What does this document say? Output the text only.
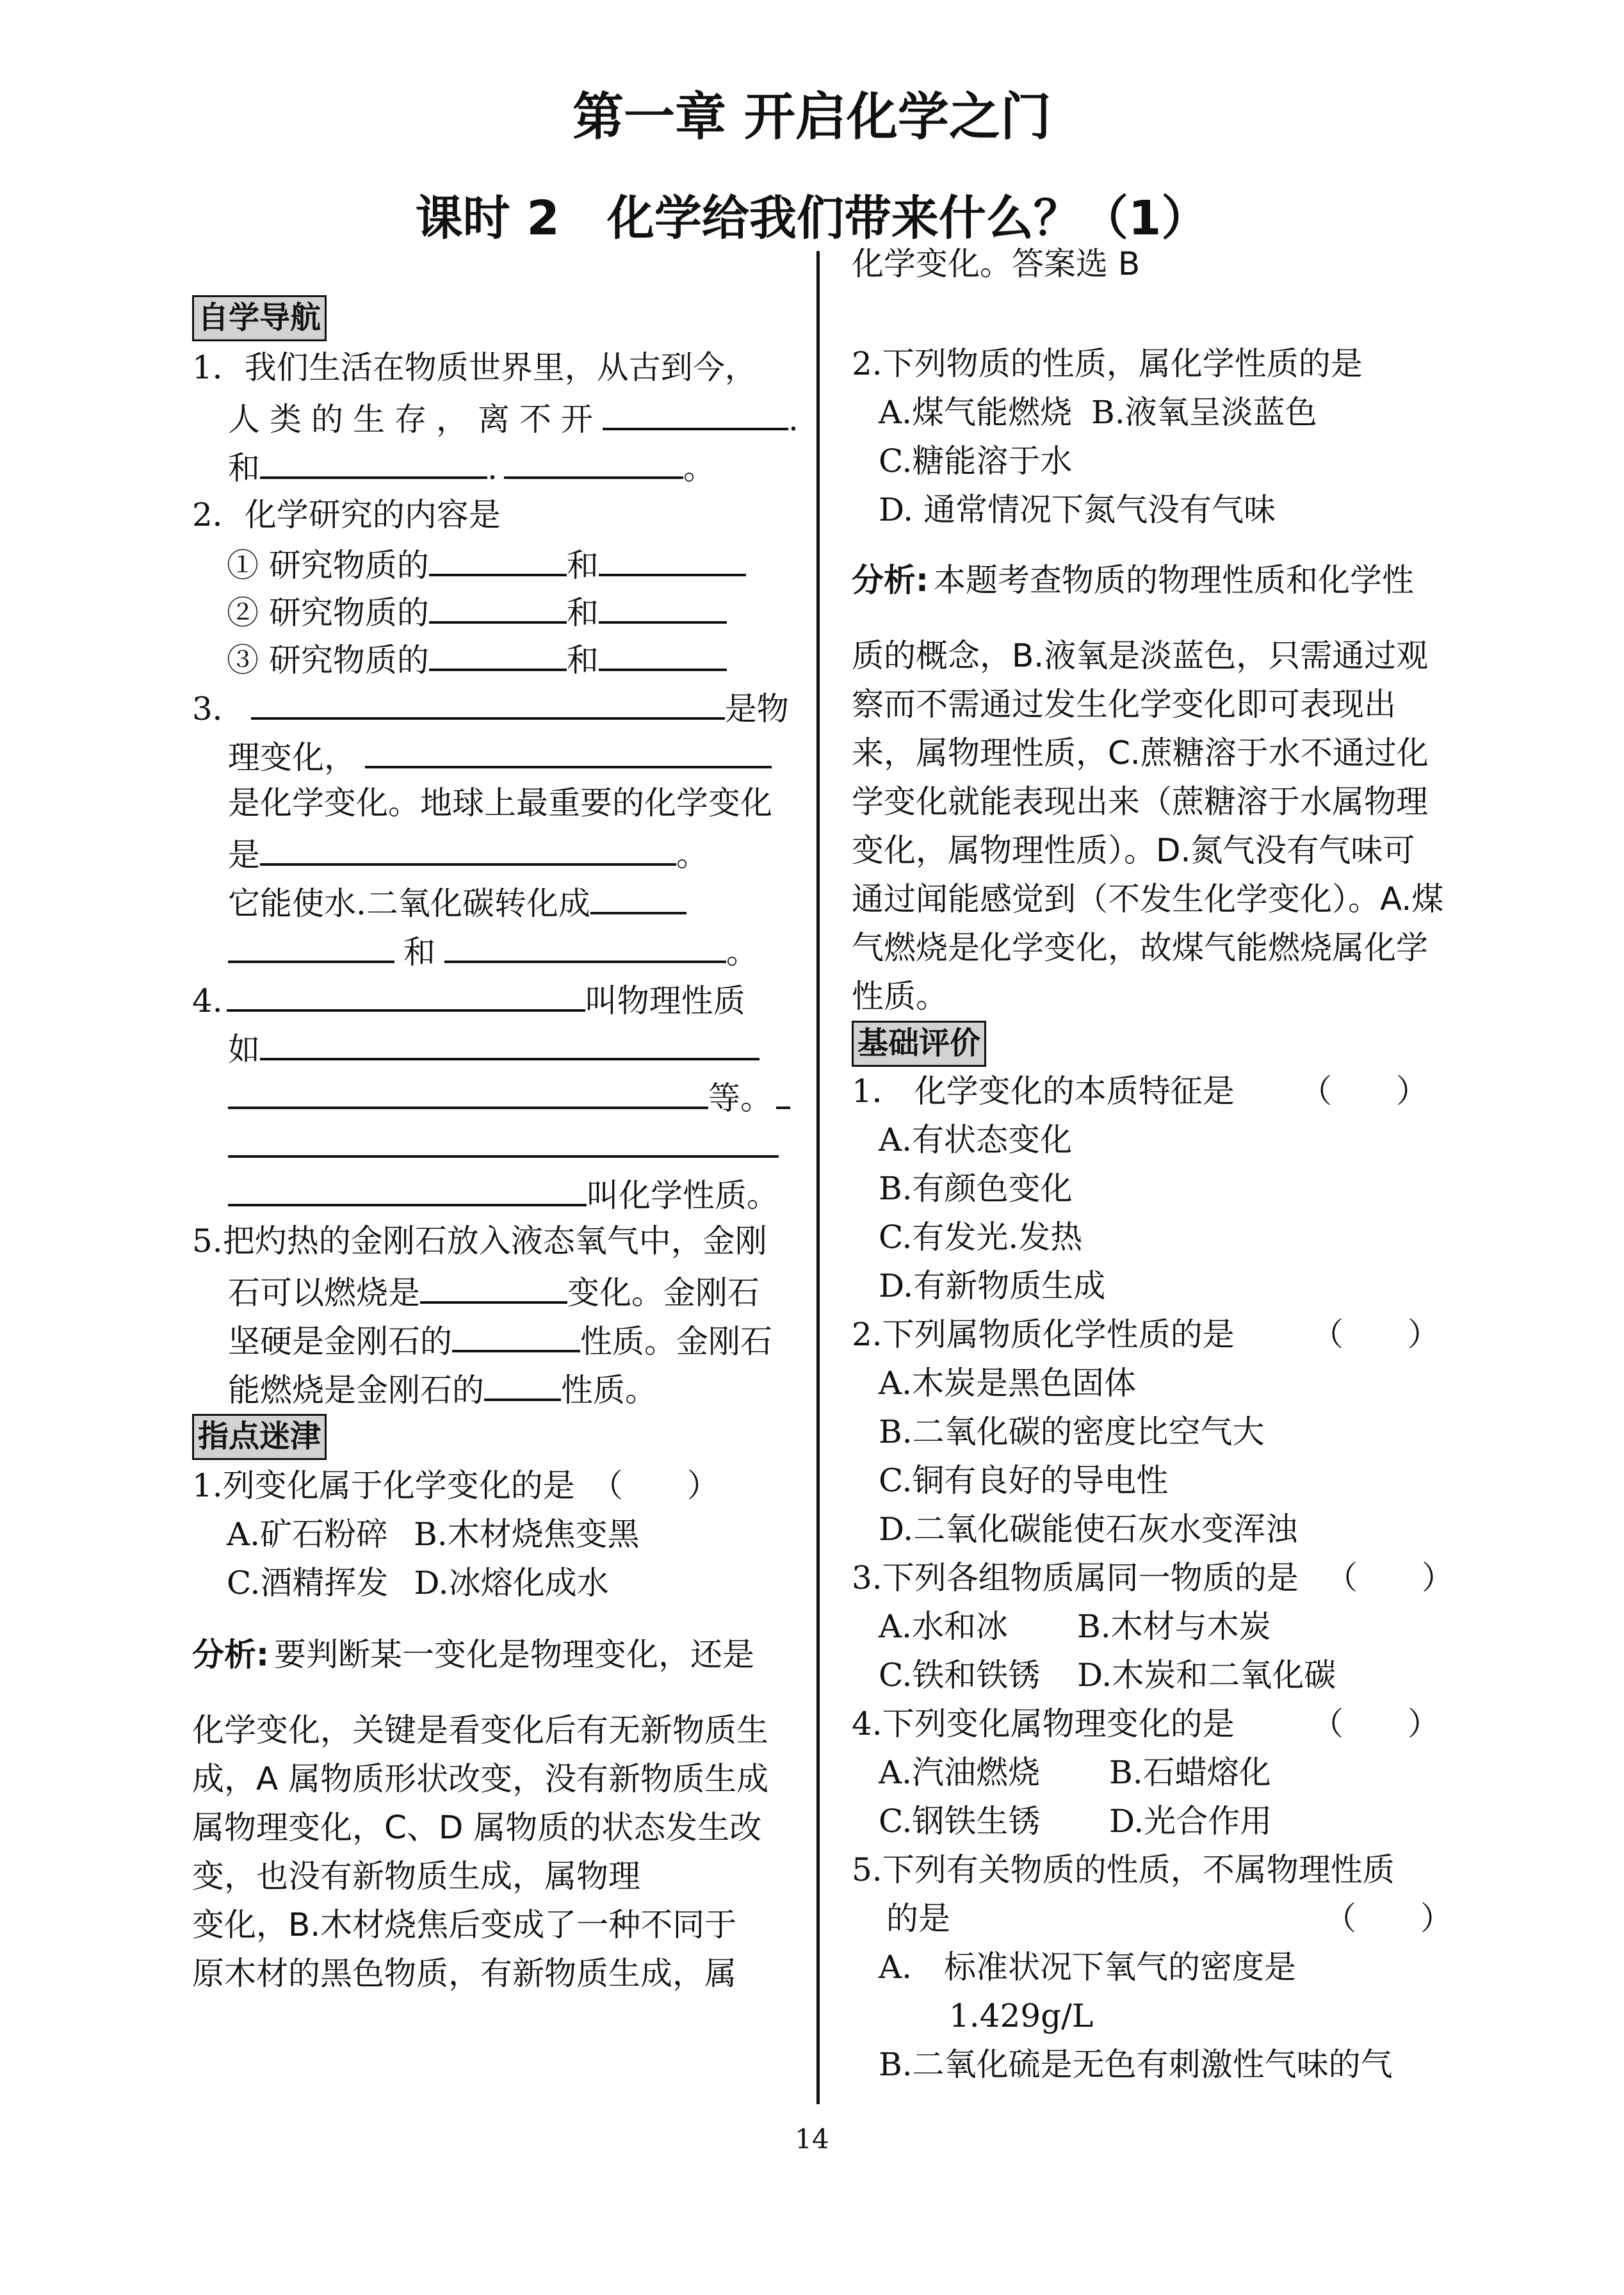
第一章 开启化学之门
课时 2　化学给我们带来什么？（1）
自学导航
1．我们生活在物质世界里，从古到今，
人类的生存，离不开	.
和	.	。
2．化学研究的内容是
① 研究物质的	和
② 研究物质的	和
③ 研究物质的	和
3．	是物
理变化，
是化学变化。地球上最重要的化学变化
是	。
它能使水.二氧化碳转化成
和	。
4.	叫物理性质
如
等。
叫化学性质。
5.把灼热的金刚石放入液态氧气中，金刚
石可以燃烧是	变化。金刚石
坚硬是金刚石的	性质。金刚石
能燃烧是金刚石的 性质。
指点迷津
1.列变化属于化学变化的是　（　　）
A.矿石粉碎 B.木材烧焦变黑
C.酒精挥发 D.冰熔化成水
分析: 要判断某一变化是物理变化，还是
化学变化，关键是看变化后有无新物质生
成，A 属物质形状改变，没有新物质生成
属物理变化，C、D 属物质的状态发生改
变，也没有新物质生成，属物理
变化，B.木材烧焦后变成了一种不同于
原木材的黑色物质，有新物质生成，属
化学变化。答案选 B
2.下列物质的性质，属化学性质的是
A.煤气能燃烧 B.液氧呈淡蓝色
C.糖能溶于水
D. 通常情况下氮气没有气味
分析: 本题考查物质的物理性质和化学性
质的概念，B.液氧是淡蓝色，只需通过观
察而不需通过发生化学变化即可表现出
来，属物理性质，C.蔗糖溶于水不通过化
学变化就能表现出来（蔗糖溶于水属物理
变化，属物理性质）。D.氮气没有气味可
通过闻能感觉到（不发生化学变化）。A.煤
气燃烧是化学变化，故煤气能燃烧属化学
性质。
基础评价
1． 化学变化的本质特征是 （　　）
A.有状态变化
B.有颜色变化
C.有发光.发热
D.有新物质生成
2.下列属物质化学性质的是 （　　）
A.木炭是黑色固体
B.二氧化碳的密度比空气大
C.铜有良好的导电性
D.二氧化碳能使石灰水变浑浊
3.下列各组物质属同一物质的是 （　　）
A.水和冰 B.木材与木炭
C.铁和铁锈 D.木炭和二氧化碳
4.下列变化属物理变化的是 （　　）
A.汽油燃烧 B.石蜡熔化
C.钢铁生锈 D.光合作用
5.下列有关物质的性质，不属物理性质
的是	（　　）
A.　标准状况下氧气的密度是
1.429g/L
B.二氧化硫是无色有刺激性气味的气
14
